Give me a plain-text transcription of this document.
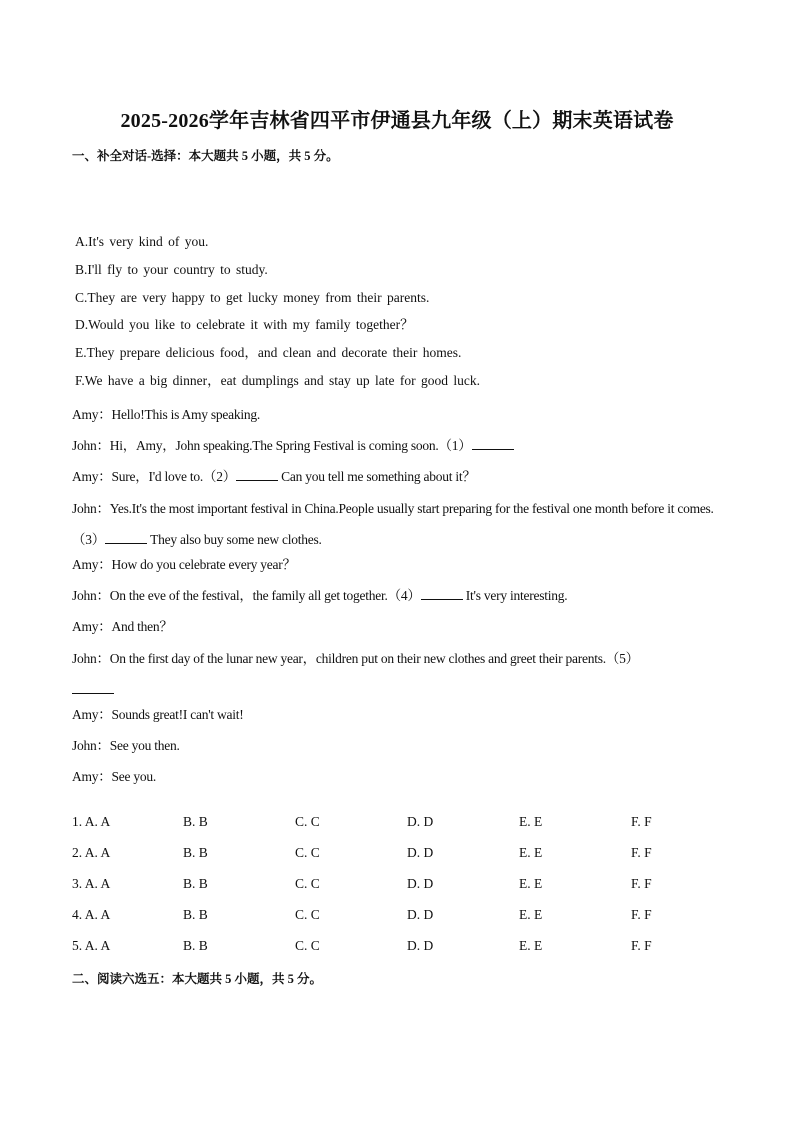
2025-2026学年吉林省四平市伊通县九年级（上）期末英语试卷
一、补全对话-选择：本大题共 5 小题，共 5 分。
A.It's very kind of you.
B.I'll fly to your country to study.
C.They are very happy to get lucky money from their parents.
D.Would you like to celebrate it with my family together？
E.They prepare delicious food，and clean and decorate their homes.
F.We have a big dinner，eat dumplings and stay up late for good luck.
Amy：Hello!This is Amy speaking.
John：Hi，Amy，John speaking.The Spring Festival is coming soon.（1）
Amy：Sure，I'd love to.（2）	Can you tell me something about it？
John：Yes.It's the most important festival in China.People usually start preparing for the festival one month before it comes.（3）	They also buy some new clothes.
Amy：How do you celebrate every year？
John：On the eve of the festival，the family all get together.（4）	It's very interesting.
Amy：And then？
John：On the first day of the lunar new year，children put on their new clothes and greet their parents.（5）

Amy：Sounds great!I can't wait!
John：See you then.
Amy：See you.
1. A. A	B. B	C. C	D. D	E. E	F. F
2. A. A	B. B	C. C	D. D	E. E	F. F
3. A. A	B. B	C. C	D. D	E. E	F. F
4. A. A	B. B	C. C	D. D	E. E	F. F
5. A. A	B. B	C. C	D. D	E. E	F. F
二、阅读六选五：本大题共 5 小题，共 5 分。
